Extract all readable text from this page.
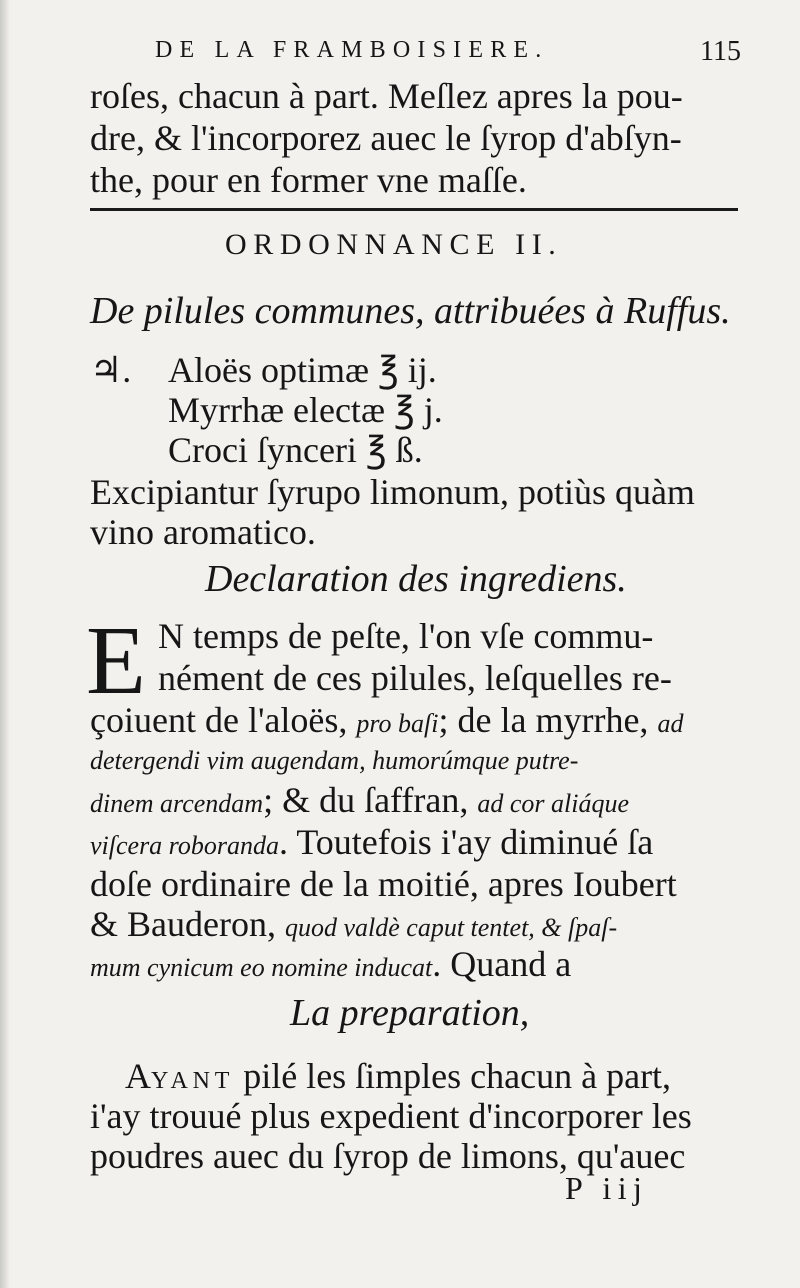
DE LA FRAMBOISIERE.	115
roſes, chacun à part. Meſlez apres la pou-
dre, & l'incorporez auec le ſyrop d'abſyn-
the, pour en former vne maſſe.
ORDONNANCE II.
De pilules communes, attribuées à Ruffus.
♃. Aloës optimæ ℥ ij.
Myrrhæ electæ ℥ j.
Croci ſynceri ℥ ß.
Excipiantur ſyrupo limonum, potiùs quàm
vino aromatico.
Declaration des ingrediens.
E N temps de peſte, l'on vſe commu-
nément de ces pilules, leſquelles re-
çoiuent de l'aloës, pro baſi; de la myrrhe, ad
detergendi vim augendam, humorúmque putre-
dinem arcendam; & du ſaffran, ad cor aliáque
viſcera roboranda. Toutefois i'ay diminué ſa
doſe ordinaire de la moitié, apres Ioubert
& Bauderon, quod valdè caput tentet, & ſpaſ-
mum cynicum eo nomine inducat. Quand a
La preparation,
AYANT pilé les ſimples chacun à part,
i'ay trouué plus expedient d'incorporer les
poudres auec du ſyrop de limons, qu'auec
P iij
